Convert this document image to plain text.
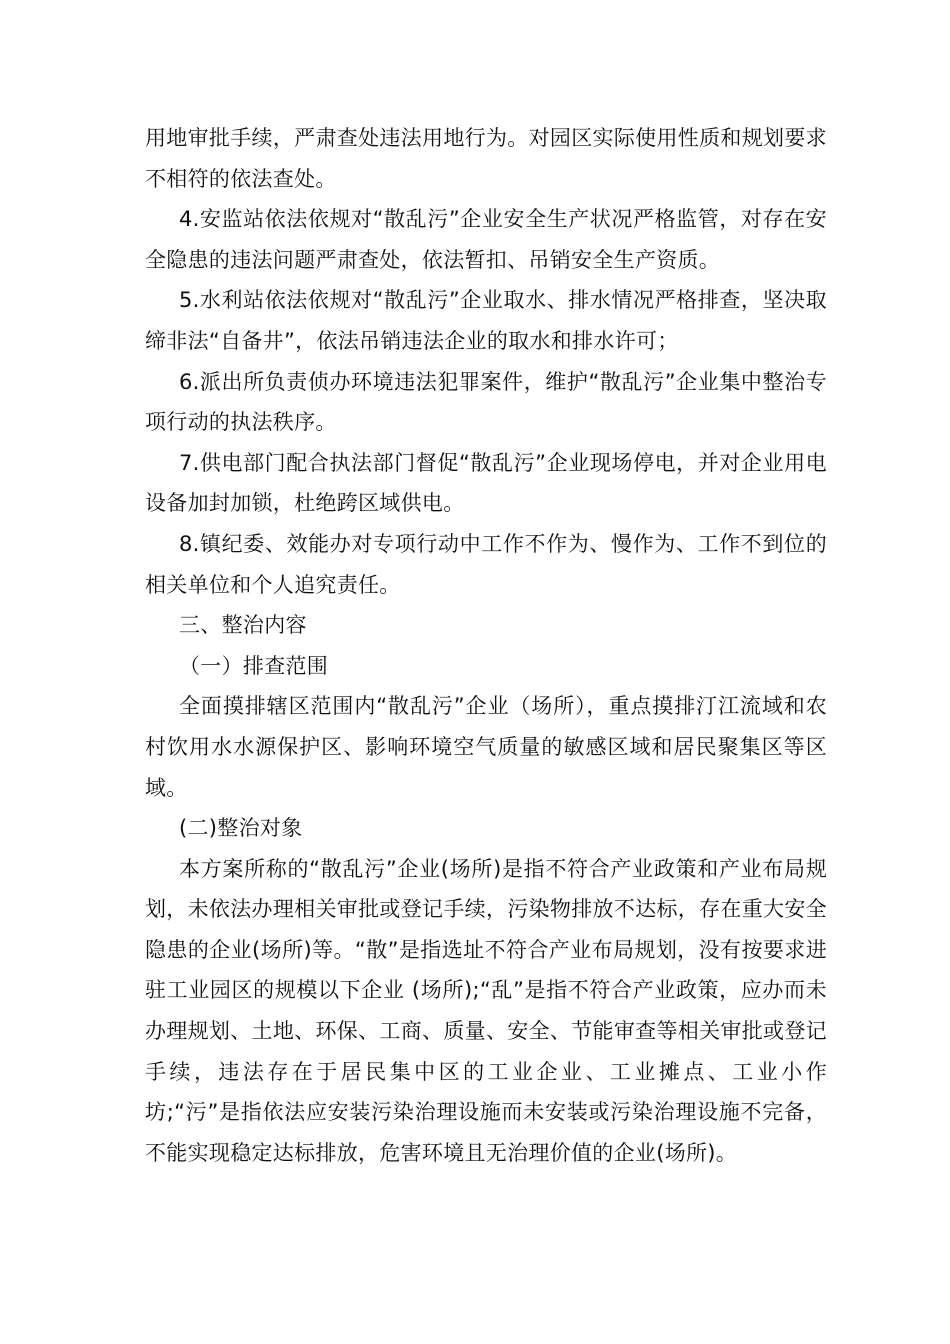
用地审批手续，严肃查处违法用地行为。对园区实际使用性质和规划要求不相符的依法查处。

4.安监站依法依规对“散乱污”企业安全生产状况严格监管，对存在安全隐患的违法问题严肃查处，依法暂扣、吊销安全生产资质。

5.水利站依法依规对“散乱污”企业取水、排水情况严格排查，坚决取缔非法“自备井”，依法吊销违法企业的取水和排水许可；

6.派出所负责侦办环境违法犯罪案件，维护“散乱污”企业集中整治专项行动的执法秩序。

7.供电部门配合执法部门督促“散乱污”企业现场停电，并对企业用电设备加封加锁，杜绝跨区域供电。

8.镇纪委、效能办对专项行动中工作不作为、慢作为、工作不到位的相关单位和个人追究责任。

三、整治内容

（一）排查范围

全面摸排辖区范围内“散乱污”企业（场所），重点摸排汀江流域和农村饮用水水源保护区、影响环境空气质量的敏感区域和居民聚集区等区域。

(二)整治对象

本方案所称的“散乱污”企业(场所)是指不符合产业政策和产业布局规划，未依法办理相关审批或登记手续，污染物排放不达标，存在重大安全隐患的企业(场所)等。“散”是指选址不符合产业布局规划，没有按要求进驻工业园区的规模以下企业 (场所);“乱”是指不符合产业政策，应办而未办理规划、土地、环保、工商、质量、安全、节能审查等相关审批或登记手续，违法存在于居民集中区的工业企业、工业摊点、工业小作坊;“污”是指依法应安装污染治理设施而未安装或污染治理设施不完备，不能实现稳定达标排放，危害环境且无治理价值的企业(场所)。
